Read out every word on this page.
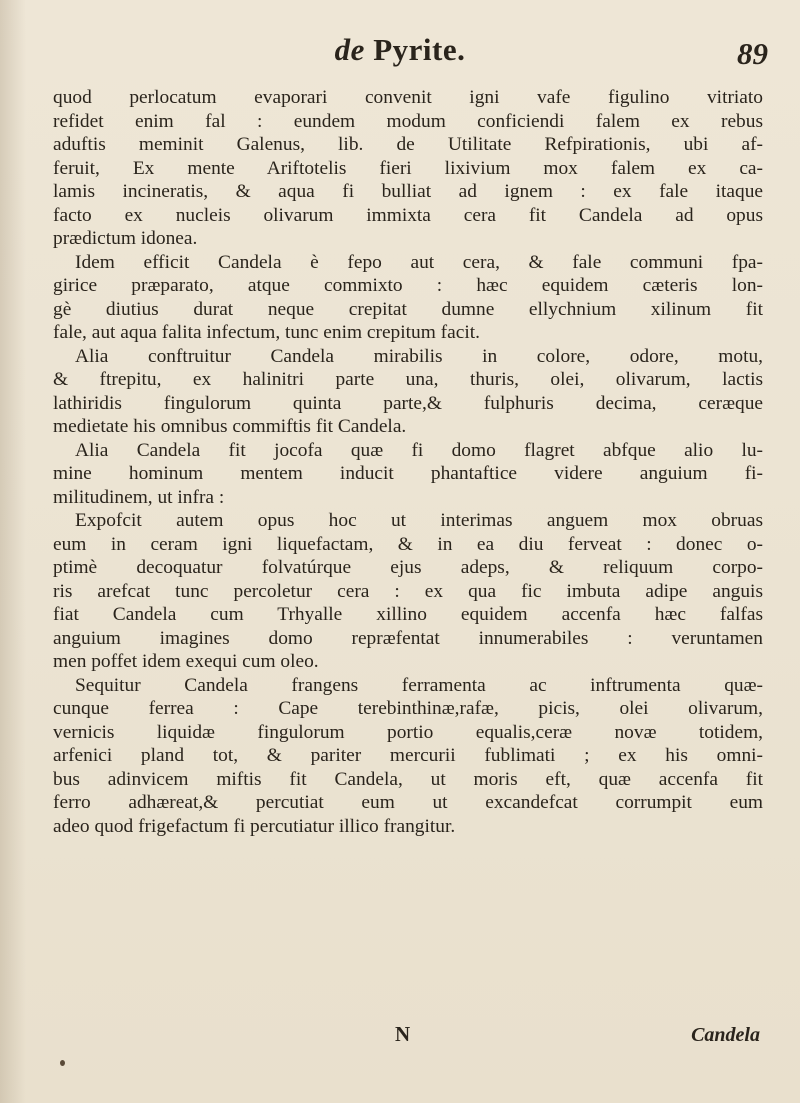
de Pyrite.	89
quod perlocatum evaporari convenit igni vafe figulino vitriato
refidet enim fal : eundem modum conficiendi falem ex rebus
aduftis meminit Galenus, lib. de Utilitate Refpirationis, ubi af-
feruit, Ex mente Ariftotelis fieri lixivium mox falem ex ca-
lamis incineratis, & aqua fi bulliat ad ignem : ex fale itaque
facto ex nucleis olivarum immixta cera fit Candela ad opus
prædictum idonea.
Idem efficit Candela è fepo aut cera, & fale communi fpa-
girice præparato, atque commixto : hæc equidem cæteris lon-
gè diutius durat neque crepitat dumne ellychnium xilinum fit
fale, aut aqua falita infectum, tunc enim crepitum facit.
Alia conftruitur Candela mirabilis in colore, odore, motu,
& ftrepitu, ex halinitri parte una, thuris, olei, olivarum, lactis
lathiridis fingulorum quinta parte,& fulphuris decima, ceræque
medietate his omnibus commiftis fit Candela.
Alia Candela fit jocofa quæ fi domo flagret abfque alio lu-
mine hominum mentem inducit phantaftice videre anguium fi-
militudinem, ut infra :
Expofcit autem opus hoc ut interimas anguem mox obruas
eum in ceram igni liquefactam, & in ea diu ferveat : donec o-
ptimè decoquatur folvatúrque ejus adeps, & reliquum corpo-
ris arefcat tunc percoletur cera : ex qua fic imbuta adipe anguis
fiat Candela cum Trhyalle xillino equidem accenfa hæc falfas
anguium imagines domo repræfentat innumerabiles : veruntamen
men poffet idem exequi cum oleo.
Sequitur Candela frangens ferramenta ac inftrumenta quæ-
cunque ferrea : Cape terebinthinæ,rafæ, picis, olei olivarum,
vernicis liquidæ fingulorum portio equalis,ceræ novæ totidem,
arfenici pland tot, & pariter mercurii fublimati ; ex his omni-
bus adinvicem miftis fit Candela, ut moris eft, quæ accenfa fit
ferro adhæreat,& percutiat eum ut excandefcat corrumpit eum
adeo quod frigefactum fi percutiatur illico frangitur.
N	Candela
